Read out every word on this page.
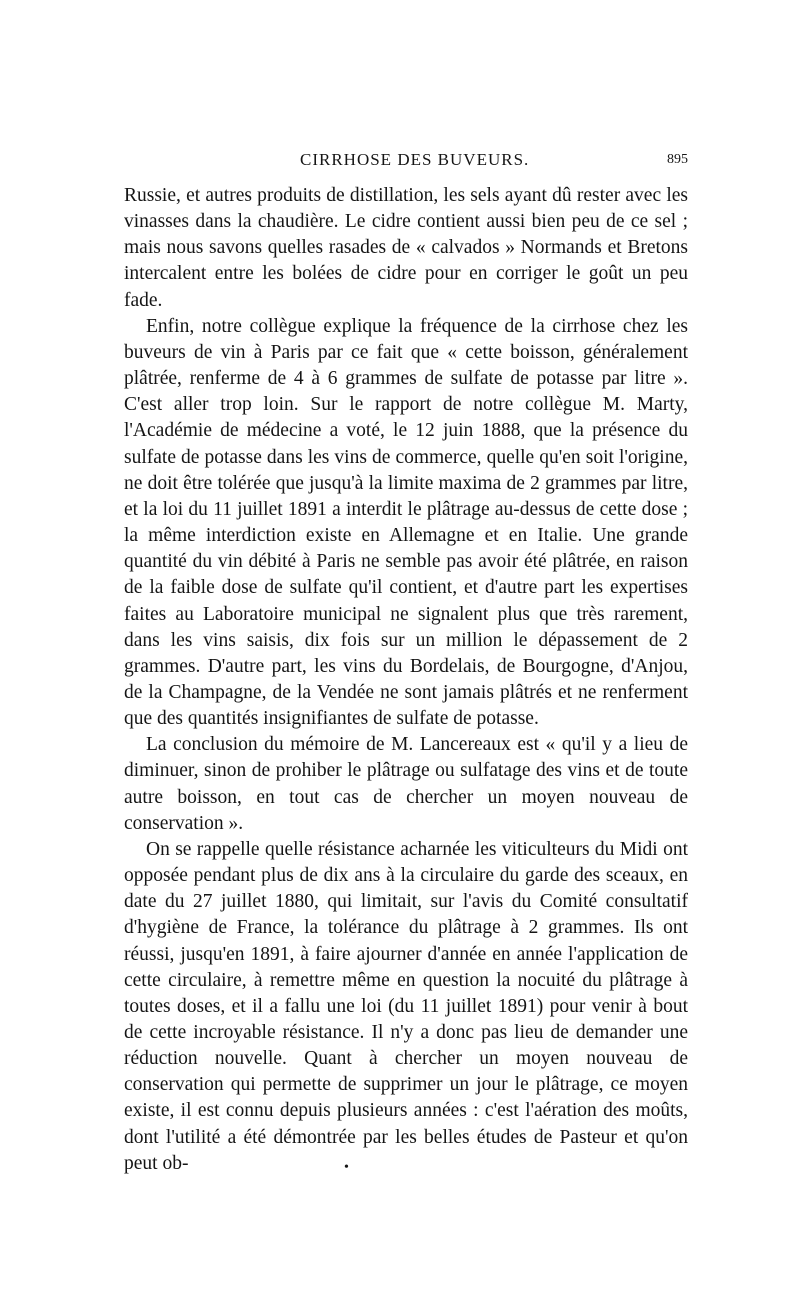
CIRRHOSE DES BUVEURS.	895

Russie, et autres produits de distillation, les sels ayant dû rester avec les vinasses dans la chaudière. Le cidre contient aussi bien peu de ce sel ; mais nous savons quelles rasades de « calvados » Normands et Bretons intercalent entre les bolées de cidre pour en corriger le goût un peu fade.

Enfin, notre collègue explique la fréquence de la cirrhose chez les buveurs de vin à Paris par ce fait que « cette boisson, généralement plâtrée, renferme de 4 à 6 grammes de sulfate de potasse par litre ». C'est aller trop loin. Sur le rapport de notre collègue M. Marty, l'Académie de médecine a voté, le 12 juin 1888, que la présence du sulfate de potasse dans les vins de commerce, quelle qu'en soit l'origine, ne doit être tolérée que jusqu'à la limite maxima de 2 grammes par litre, et la loi du 11 juillet 1891 a interdit le plâtrage au-dessus de cette dose ; la même interdiction existe en Allemagne et en Italie. Une grande quantité du vin débité à Paris ne semble pas avoir été plâtrée, en raison de la faible dose de sulfate qu'il contient, et d'autre part les expertises faites au Laboratoire municipal ne signalent plus que très rarement, dans les vins saisis, dix fois sur un million le dépassement de 2 grammes. D'autre part, les vins du Bordelais, de Bourgogne, d'Anjou, de la Champagne, de la Vendée ne sont jamais plâtrés et ne renferment que des quantités insignifiantes de sulfate de potasse.

La conclusion du mémoire de M. Lancereaux est « qu'il y a lieu de diminuer, sinon de prohiber le plâtrage ou sulfatage des vins et de toute autre boisson, en tout cas de chercher un moyen nouveau de conservation ».

On se rappelle quelle résistance acharnée les viticulteurs du Midi ont opposée pendant plus de dix ans à la circulaire du garde des sceaux, en date du 27 juillet 1880, qui limitait, sur l'avis du Comité consultatif d'hygiène de France, la tolérance du plâtrage à 2 grammes. Ils ont réussi, jusqu'en 1891, à faire ajourner d'année en année l'application de cette circulaire, à remettre même en question la nocuité du plâtrage à toutes doses, et il a fallu une loi (du 11 juillet 1891) pour venir à bout de cette incroyable résistance. Il n'y a donc pas lieu de demander une réduction nouvelle. Quant à chercher un moyen nouveau de conservation qui permette de supprimer un jour le plâtrage, ce moyen existe, il est connu depuis plusieurs années : c'est l'aération des moûts, dont l'utilité a été démontrée par les belles études de Pasteur et qu'on peut ob-	•
